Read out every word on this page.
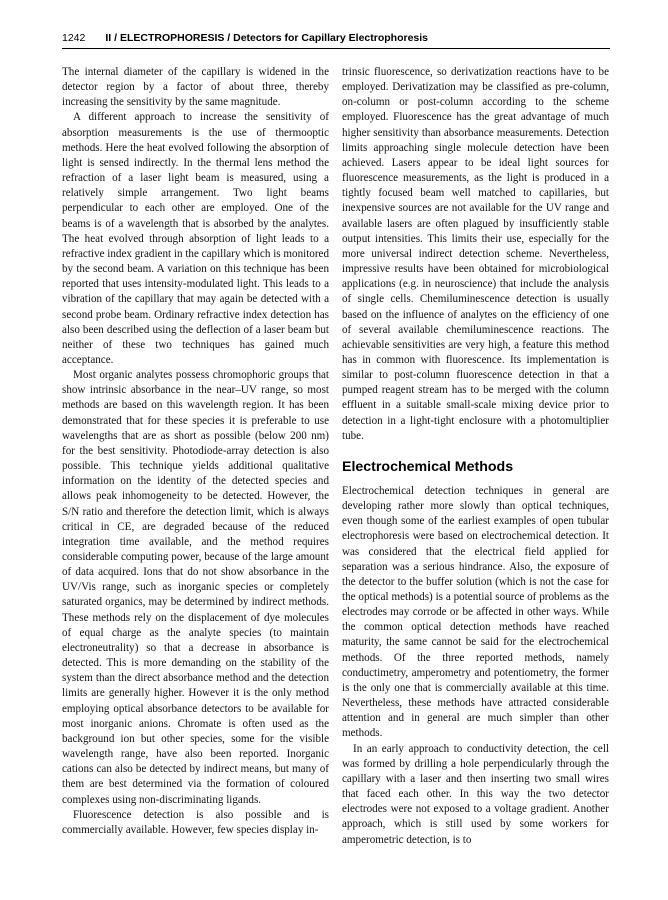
1242 II / ELECTROPHORESIS / Detectors for Capillary Electrophoresis

The internal diameter of the capillary is widened in the detector region by a factor of about three, thereby increasing the sensitivity by the same magnitude.

A different approach to increase the sensitivity of absorption measurements is the use of thermooptic methods. Here the heat evolved following the absorption of light is sensed indirectly. In the thermal lens method the refraction of a laser light beam is measured, using a relatively simple arrangement. Two light beams perpendicular to each other are employed. One of the beams is of a wavelength that is absorbed by the analytes. The heat evolved through absorption of light leads to a refractive index gradient in the capillary which is monitored by the second beam. A variation on this technique has been reported that uses intensity-modulated light. This leads to a vibration of the capillary that may again be detected with a second probe beam. Ordinary refractive index detection has also been described using the deflection of a laser beam but neither of these two techniques has gained much acceptance.

Most organic analytes possess chromophoric groups that show intrinsic absorbance in the near–UV range, so most methods are based on this wavelength region. It has been demonstrated that for these species it is preferable to use wavelengths that are as short as possible (below 200 nm) for the best sensitivity. Photodiode-array detection is also possible. This technique yields additional qualitative information on the identity of the detected species and allows peak inhomogeneity to be detected. However, the S/N ratio and therefore the detection limit, which is always critical in CE, are degraded because of the reduced integration time available, and the method requires considerable computing power, because of the large amount of data acquired. Ions that do not show absorbance in the UV/Vis range, such as inorganic species or completely saturated organics, may be determined by indirect methods. These methods rely on the displacement of dye molecules of equal charge as the analyte species (to maintain electroneutrality) so that a decrease in absorbance is detected. This is more demanding on the stability of the system than the direct absorbance method and the detection limits are generally higher. However it is the only method employing optical absorbance detectors to be available for most inorganic anions. Chromate is often used as the background ion but other species, some for the visible wavelength range, have also been reported. Inorganic cations can also be detected by indirect means, but many of them are best determined via the formation of coloured complexes using non-discriminating ligands.

Fluorescence detection is also possible and is commercially available. However, few species display in-

trinsic fluorescence, so derivatization reactions have to be employed. Derivatization may be classified as pre-column, on-column or post-column according to the scheme employed. Fluorescence has the great advantage of much higher sensitivity than absorbance measurements. Detection limits approaching single molecule detection have been achieved. Lasers appear to be ideal light sources for fluorescence measurements, as the light is produced in a tightly focused beam well matched to capillaries, but inexpensive sources are not available for the UV range and available lasers are often plagued by insufficiently stable output intensities. This limits their use, especially for the more universal indirect detection scheme. Nevertheless, impressive results have been obtained for microbiological applications (e.g. in neuroscience) that include the analysis of single cells. Chemiluminescence detection is usually based on the influence of analytes on the efficiency of one of several available chemiluminescence reactions. The achievable sensitivities are very high, a feature this method has in common with fluorescence. Its implementation is similar to post-column fluorescence detection in that a pumped reagent stream has to be merged with the column effluent in a suitable small-scale mixing device prior to detection in a light-tight enclosure with a photomultiplier tube.

Electrochemical Methods

Electrochemical detection techniques in general are developing rather more slowly than optical techniques, even though some of the earliest examples of open tubular electrophoresis were based on electrochemical detection. It was considered that the electrical field applied for separation was a serious hindrance. Also, the exposure of the detector to the buffer solution (which is not the case for the optical methods) is a potential source of problems as the electrodes may corrode or be affected in other ways. While the common optical detection methods have reached maturity, the same cannot be said for the electrochemical methods. Of the three reported methods, namely conductimetry, amperometry and potentiometry, the former is the only one that is commercially available at this time. Nevertheless, these methods have attracted considerable attention and in general are much simpler than other methods.

In an early approach to conductivity detection, the cell was formed by drilling a hole perpendicularly through the capillary with a laser and then inserting two small wires that faced each other. In this way the two detector electrodes were not exposed to a voltage gradient. Another approach, which is still used by some workers for amperometric detection, is to
